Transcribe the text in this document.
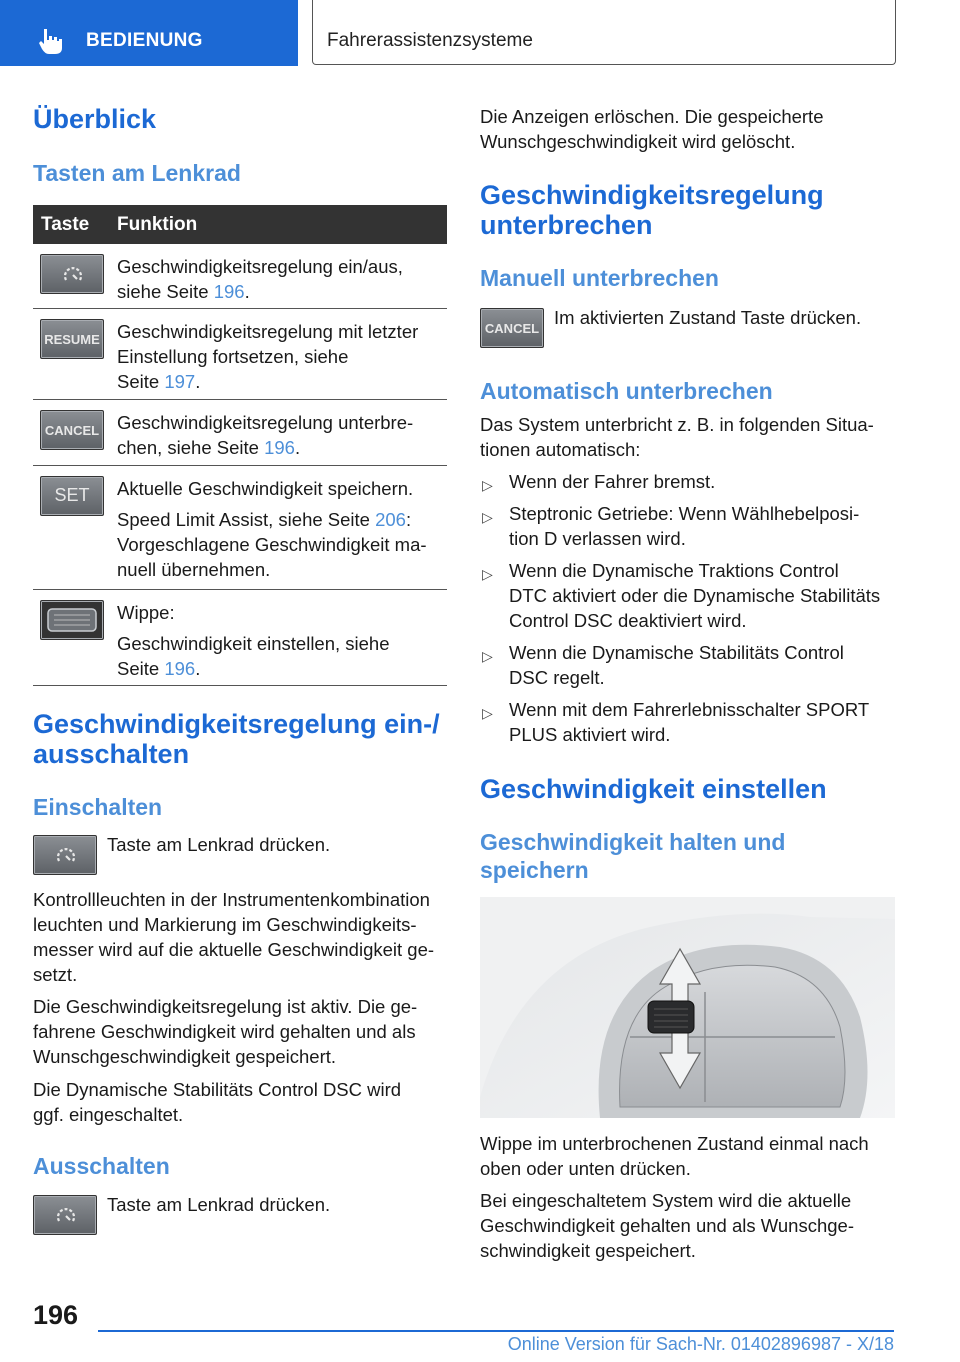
BEDIENUNG	Fahrerassistenzsysteme
Überblick
Tasten am Lenkrad
Taste Funktion
Geschwindigkeitsregelung ein/aus,
siehe Seite 196.
RESUME Geschwindigkeitsregelung mit letzter
Einstellung fortsetzen, siehe
Seite 197.
CANCEL Geschwindigkeitsregelung unterbre‐
chen, siehe Seite 196.
SET	Aktuelle Geschwindigkeit speichern.
Speed Limit Assist, siehe Seite 206:
Vorgeschlagene Geschwindigkeit ma‐
nuell übernehmen.
Wippe:
Geschwindigkeit einstellen, siehe
Seite 196.
Geschwindigkeitsregelung ein-/
ausschalten
Einschalten
Taste am Lenkrad drücken.
Kontrollleuchten in der Instrumentenkombination
leuchten und Markierung im Geschwindigkeits‐
messer wird auf die aktuelle Geschwindigkeit ge‐
setzt.
Die Geschwindigkeitsregelung ist aktiv. Die ge‐
fahrene Geschwindigkeit wird gehalten und als
Wunschgeschwindigkeit gespeichert.
Die Dynamische Stabilitäts Control DSC wird
ggf. eingeschaltet.
Ausschalten
Taste am Lenkrad drücken.
Die Anzeigen erlöschen. Die gespeicherte
Wunschgeschwindigkeit wird gelöscht.
Geschwindigkeitsregelung
unterbrechen
Manuell unterbrechen
CANCEL
Im aktivierten Zustand Taste drücken.
Automatisch unterbrechen
Das System unterbricht z. B. in folgenden Situa‐
tionen automatisch:
▷ Wenn der Fahrer bremst.
▷ Steptronic Getriebe: Wenn Wählhebelposi‐
tion D verlassen wird.
▷ Wenn die Dynamische Traktions Control
DTC aktiviert oder die Dynamische Stabilitäts
Control DSC deaktiviert wird.
▷ Wenn die Dynamische Stabilitäts Control
DSC regelt.
▷ Wenn mit dem Fahrerlebnisschalter SPORT
PLUS aktiviert wird.
Geschwindigkeit einstellen
Geschwindigkeit halten und
speichern
Wippe im unterbrochenen Zustand einmal nach
oben oder unten drücken.
Bei eingeschaltetem System wird die aktuelle
Geschwindigkeit gehalten und als Wunschge‐
schwindigkeit gespeichert.
196
Online Version für Sach-Nr. 01402896987 - X/18
